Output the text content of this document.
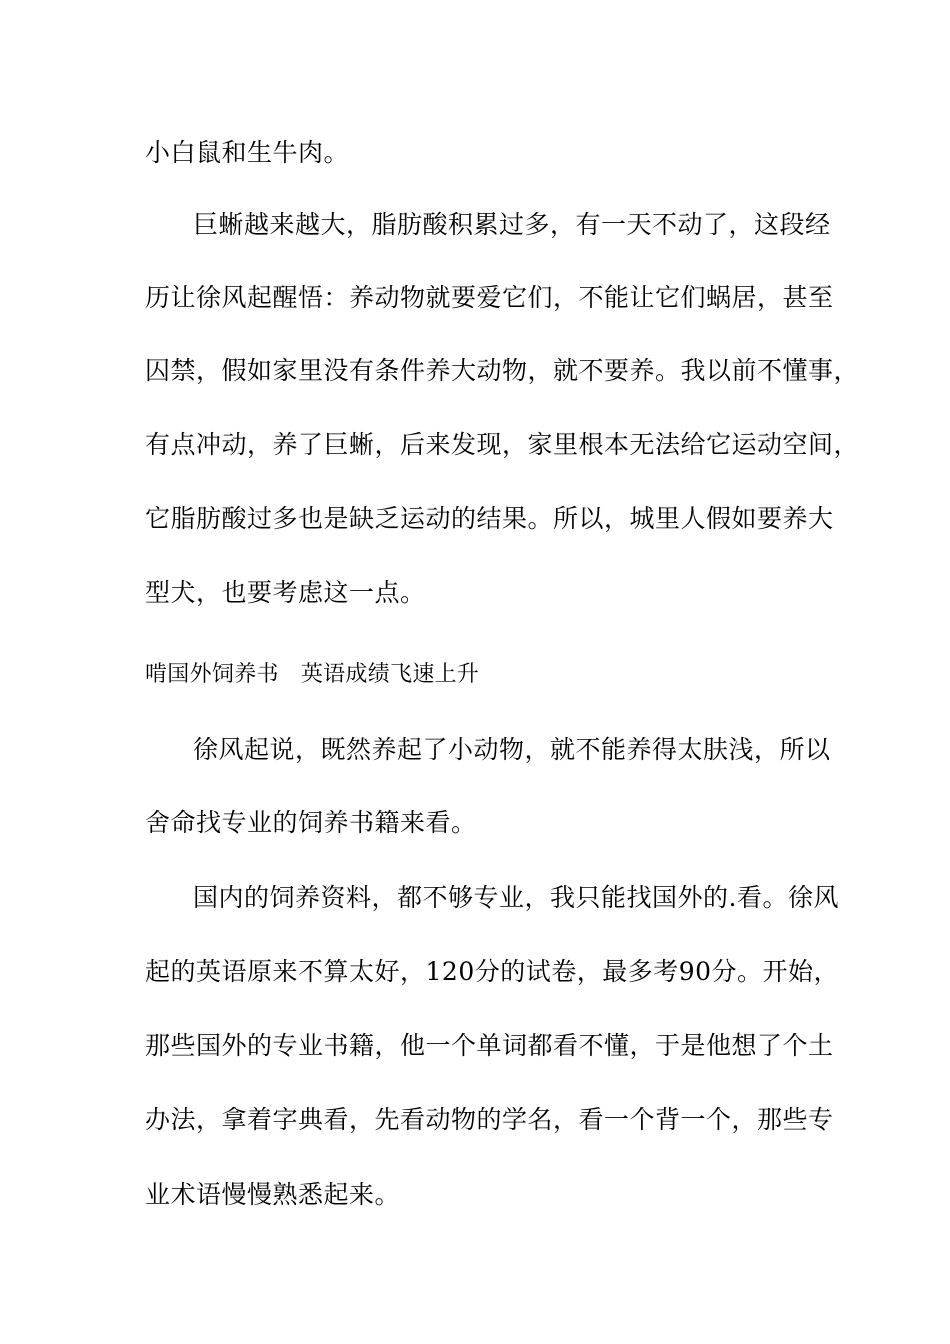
小白鼠和生牛肉。
巨蜥越来越大，脂肪酸积累过多，有一天不动了，这段经
历让徐风起醒悟：养动物就要爱它们，不能让它们蜗居，甚至
囚禁，假如家里没有条件养大动物，就不要养。我以前不懂事，
有点冲动，养了巨蜥，后来发现，家里根本无法给它运动空间，
它脂肪酸过多也是缺乏运动的结果。所以，城里人假如要养大
型犬，也要考虑这一点。
啃国外饲养书 英语成绩飞速上升
徐风起说，既然养起了小动物，就不能养得太肤浅，所以
舍命找专业的饲养书籍来看。
国内的饲养资料，都不够专业，我只能找国外的.看。徐风
起的英语原来不算太好，120分的试卷，最多考90分。开始，
那些国外的专业书籍，他一个单词都看不懂，于是他想了个土
办法，拿着字典看，先看动物的学名，看一个背一个，那些专
业术语慢慢熟悉起来。
